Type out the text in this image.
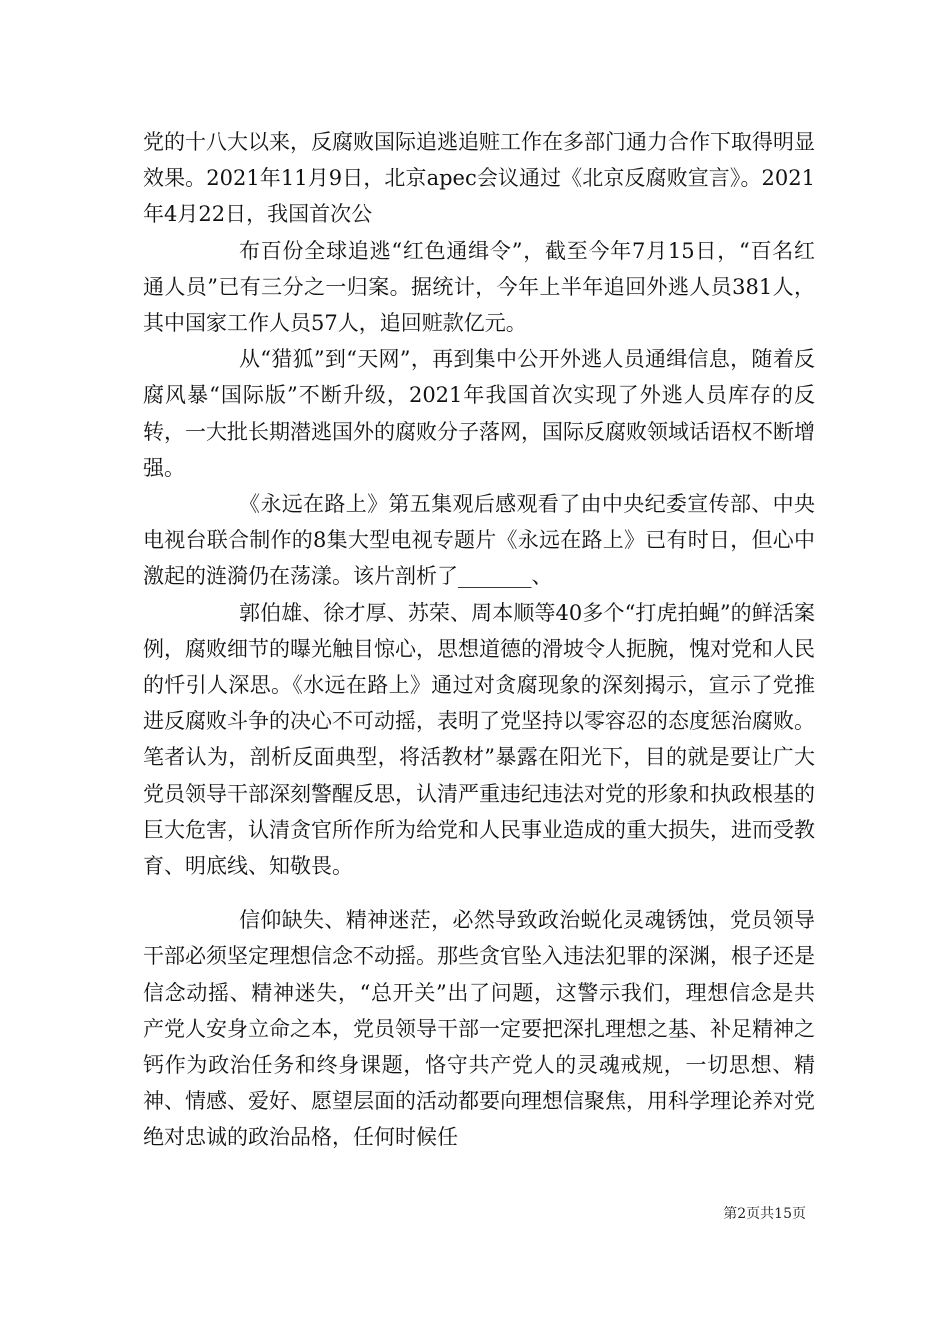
党的十八大以来，反腐败国际追逃追赃工作在多部门通力合作下取得明显效果。2021年11月9日，北京apec会议通过《北京反腐败宣言》。2021年4月22日，我国首次公

布百份全球追逃“红色通缉令”，截至今年7月15日，“百名红通人员”已有三分之一归案。据统计，今年上半年追回外逃人员381人，其中国家工作人员57人，追回赃款亿元。

从“猎狐”到“天网”，再到集中公开外逃人员通缉信息，随着反腐风暴“国际版”不断升级，2021年我国首次实现了外逃人员库存的反转，一大批长期潜逃国外的腐败分子落网，国际反腐败领域话语权不断增强。

《永远在路上》第五集观后感观看了由中央纪委宣传部、中央电视台联合制作的8集大型电视专题片《永远在路上》已有时日，但心中激起的涟漪仍在荡漾。该片剖析了_______、

郭伯雄、徐才厚、苏荣、周本顺等40多个“打虎拍蝇”的鲜活案例，腐败细节的曝光触目惊心，思想道德的滑坡令人扼腕，愧对党和人民的忏引人深思。《水远在路上》通过对贪腐现象的深刻揭示，宣示了党推进反腐败斗争的决心不可动摇，表明了党坚持以零容忍的态度惩治腐败。笔者认为，剖析反面典型，将活教材”暴露在阳光下，目的就是要让广大党员领导干部深刻警醒反思，认清严重违纪违法对党的形象和执政根基的巨大危害，认清贪官所作所为给党和人民事业造成的重大损失，进而受教育、明底线、知敬畏。

信仰缺失、精神迷茫，必然导致政治蜕化灵魂锈蚀，党员领导干部必须坚定理想信念不动摇。那些贪官坠入违法犯罪的深渊，根子还是信念动摇、精神迷失，“总开关”出了问题，这警示我们，理想信念是共产党人安身立命之本，党员领导干部一定要把深扎理想之基、补足精神之钙作为政治任务和终身课题，恪守共产党人的灵魂戒规，一切思想、精神、情感、爱好、愿望层面的活动都要向理想信聚焦，用科学理论养对党绝对忠诚的政治品格，任何时候任

第2页共15页
